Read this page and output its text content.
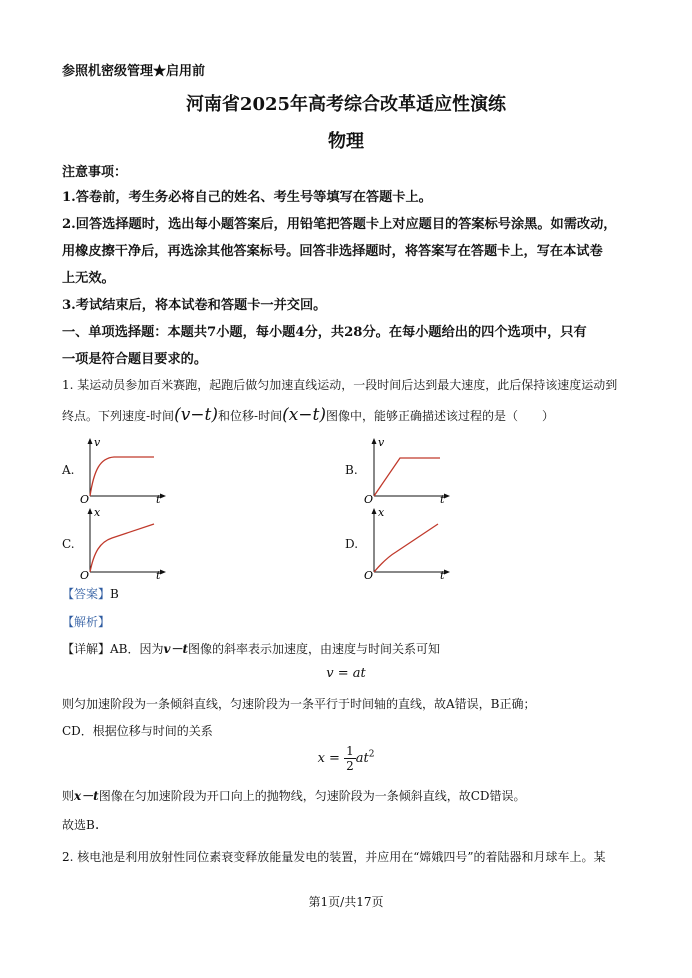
参照机密级管理★启用前
河南省2025年高考综合改革适应性演练
物理
注意事项：
1.答卷前，考生务必将自己的姓名、考生号等填写在答题卡上。
2.回答选择题时，选出每小题答案后，用铅笔把答题卡上对应题目的答案标号涂黑。如需改动，
用橡皮擦干净后，再选涂其他答案标号。回答非选择题时，将答案写在答题卡上，写在本试卷
上无效。
3.考试结束后，将本试卷和答题卡一并交回。
一、单项选择题：本题共7小题，每小题4分，共28分。在每小题给出的四个选项中，只有
一项是符合题目要求的。
1. 某运动员参加百米赛跑，起跑后做匀加速直线运动，一段时间后达到最大速度，此后保持该速度运动到
终点。下列速度-时间(v−t)和位移-时间(x−t)图像中，能够正确描述该过程的是（　　）
A.
v
O	t
B.
v
O	t
C.
x
O	t
D.
x
O	t
【答案】B
【解析】
【详解】AB．因为v－t图像的斜率表示加速度，由速度与时间关系可知
v = at
则匀加速阶段为一条倾斜直线，匀速阶段为一条平行于时间轴的直线，故A错误，B正确；
CD．根据位移与时间的关系
$x = \frac{1}{2} at^2$
则x－t图像在匀加速阶段为开口向上的抛物线，匀速阶段为一条倾斜直线，故CD错误。
故选B.
2. 核电池是利用放射性同位素衰变释放能量发电的装置，并应用在“嫦娥四号”的着陆器和月球车上。某
第1页/共17页
